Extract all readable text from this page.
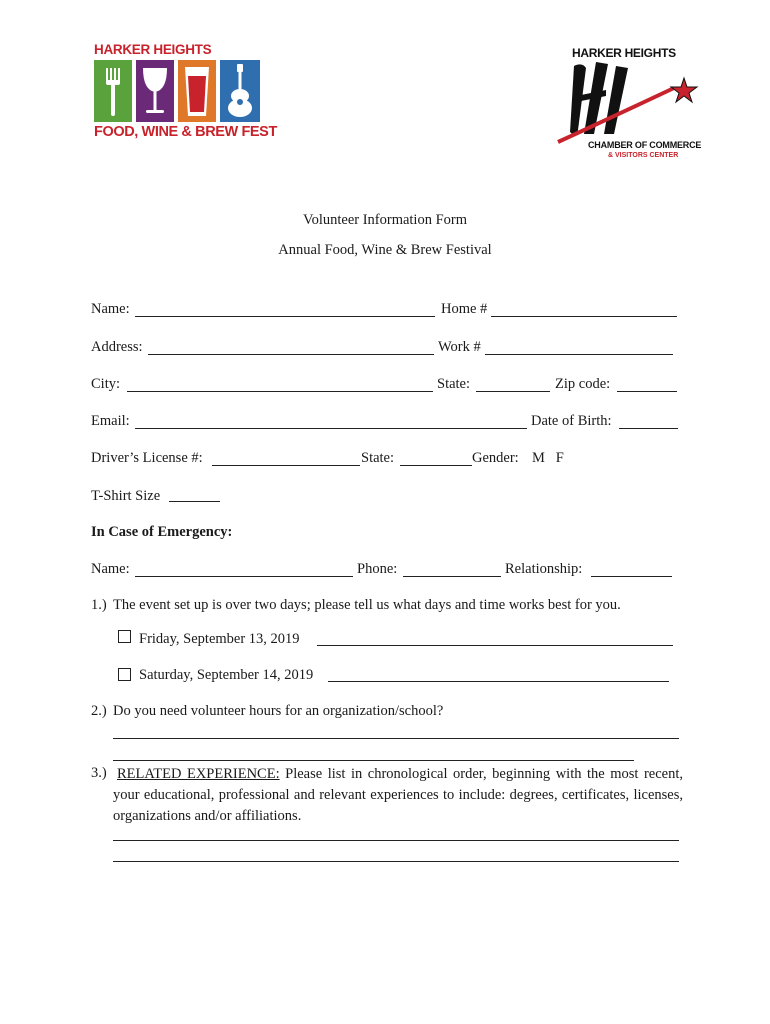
HARKER HEIGHTS
FOOD, WINE & BREW FEST
HARKER HEIGHTS
CHAMBER OF COMMERCE
& VISITORS CENTER
Volunteer Information Form
Annual Food, Wine & Brew Festival
Name:	Home #
Address:	Work #
City:	State:	Zip code:
Email:	Date of Birth:
Driver’s License #:	State:	Gender: M   F
T-Shirt Size
In Case of Emergency:
Name:	Phone:	Relationship:
1.) The event set up is over two days; please tell us what days and time works best for you.
Friday, September 13, 2019
Saturday, September 14, 2019
2.) Do you need volunteer hours for an organization/school?
3.) RELATED EXPERIENCE: Please list in chronological order, beginning with the most recent, your educational, professional and relevant experiences to include: degrees, certificates, licenses, organizations and/or affiliations.
